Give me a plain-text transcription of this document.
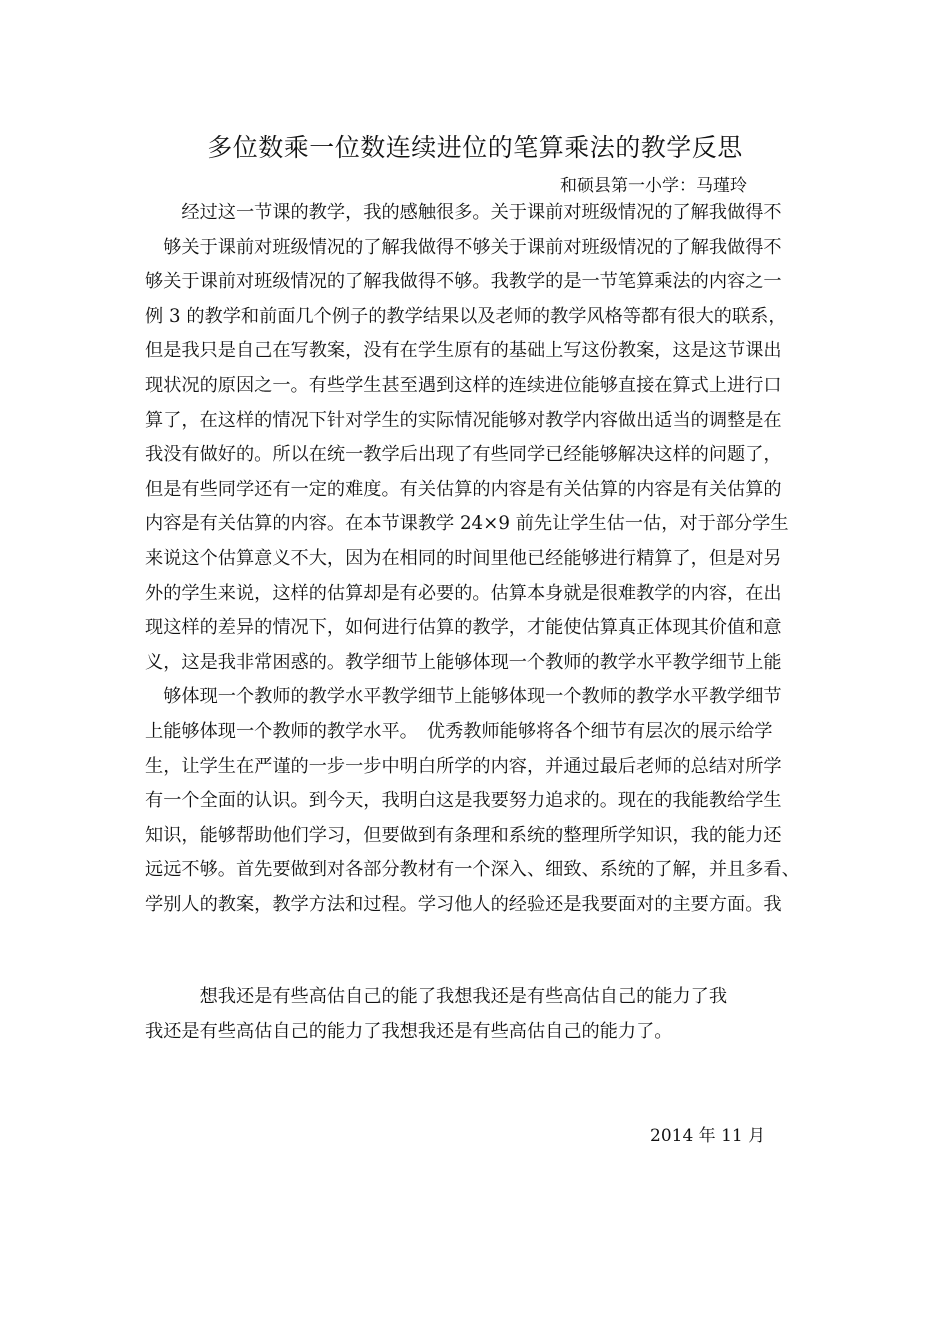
多位数乘一位数连续进位的笔算乘法的教学反思
和硕县第一小学：马瑾玲
　　经过这一节课的教学，我的感触很多。关于课前对班级情况的了解我做得不
　够关于课前对班级情况的了解我做得不够关于课前对班级情况的了解我做得不
够关于课前对班级情况的了解我做得不够。我教学的是一节笔算乘法的内容之一
例 3 的教学和前面几个例子的教学结果以及老师的教学风格等都有很大的联系，
但是我只是自己在写教案，没有在学生原有的基础上写这份教案，这是这节课出
现状况的原因之一。有些学生甚至遇到这样的连续进位能够直接在算式上进行口
算了，在这样的情况下针对学生的实际情况能够对教学内容做出适当的调整是在
我没有做好的。所以在统一教学后出现了有些同学已经能够解决这样的问题了，
但是有些同学还有一定的难度。有关估算的内容是有关估算的内容是有关估算的
内容是有关估算的内容。在本节课教学 24×9 前先让学生估一估，对于部分学生
来说这个估算意义不大，因为在相同的时间里他已经能够进行精算了，但是对另
外的学生来说，这样的估算却是有必要的。估算本身就是很难教学的内容，在出
现这样的差异的情况下，如何进行估算的教学，才能使估算真正体现其价值和意
义，这是我非常困惑的。教学细节上能够体现一个教师的教学水平教学细节上能
　够体现一个教师的教学水平教学细节上能够体现一个教师的教学水平教学细节
上能够体现一个教师的教学水平。　优秀教师能够将各个细节有层次的展示给学
生，让学生在严谨的一步一步中明白所学的内容，并通过最后老师的总结对所学
有一个全面的认识。到今天，我明白这是我要努力追求的。现在的我能教给学生
知识，能够帮助他们学习，但要做到有条理和系统的整理所学知识，我的能力还
远远不够。首先要做到对各部分教材有一个深入、细致、系统的了解，并且多看、
学别人的教案，教学方法和过程。学习他人的经验还是我要面对的主要方面。我
　　　想我还是有些高估自己的能了我想我还是有些高估自己的能力了我
我还是有些高估自己的能力了我想我还是有些高估自己的能力了。
2014 年 11 月
